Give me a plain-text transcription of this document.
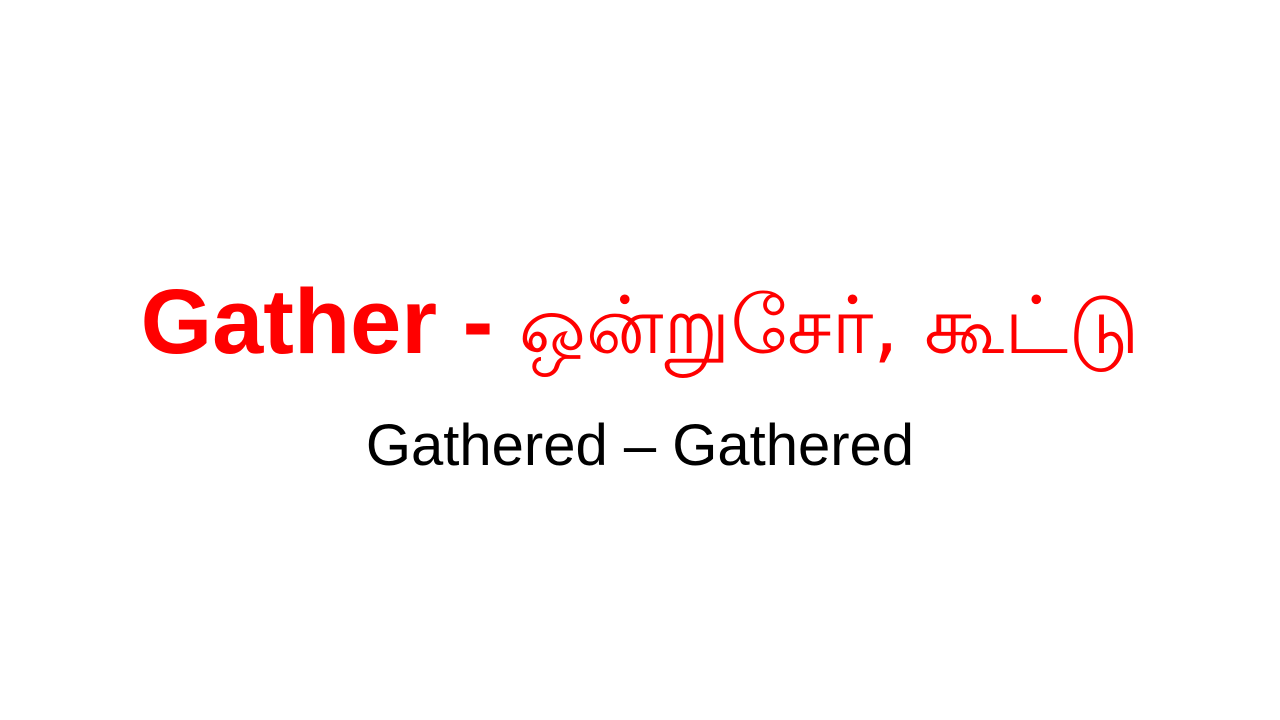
Gather - ஒன்றுசேர், கூட்டு
Gathered – Gathered
